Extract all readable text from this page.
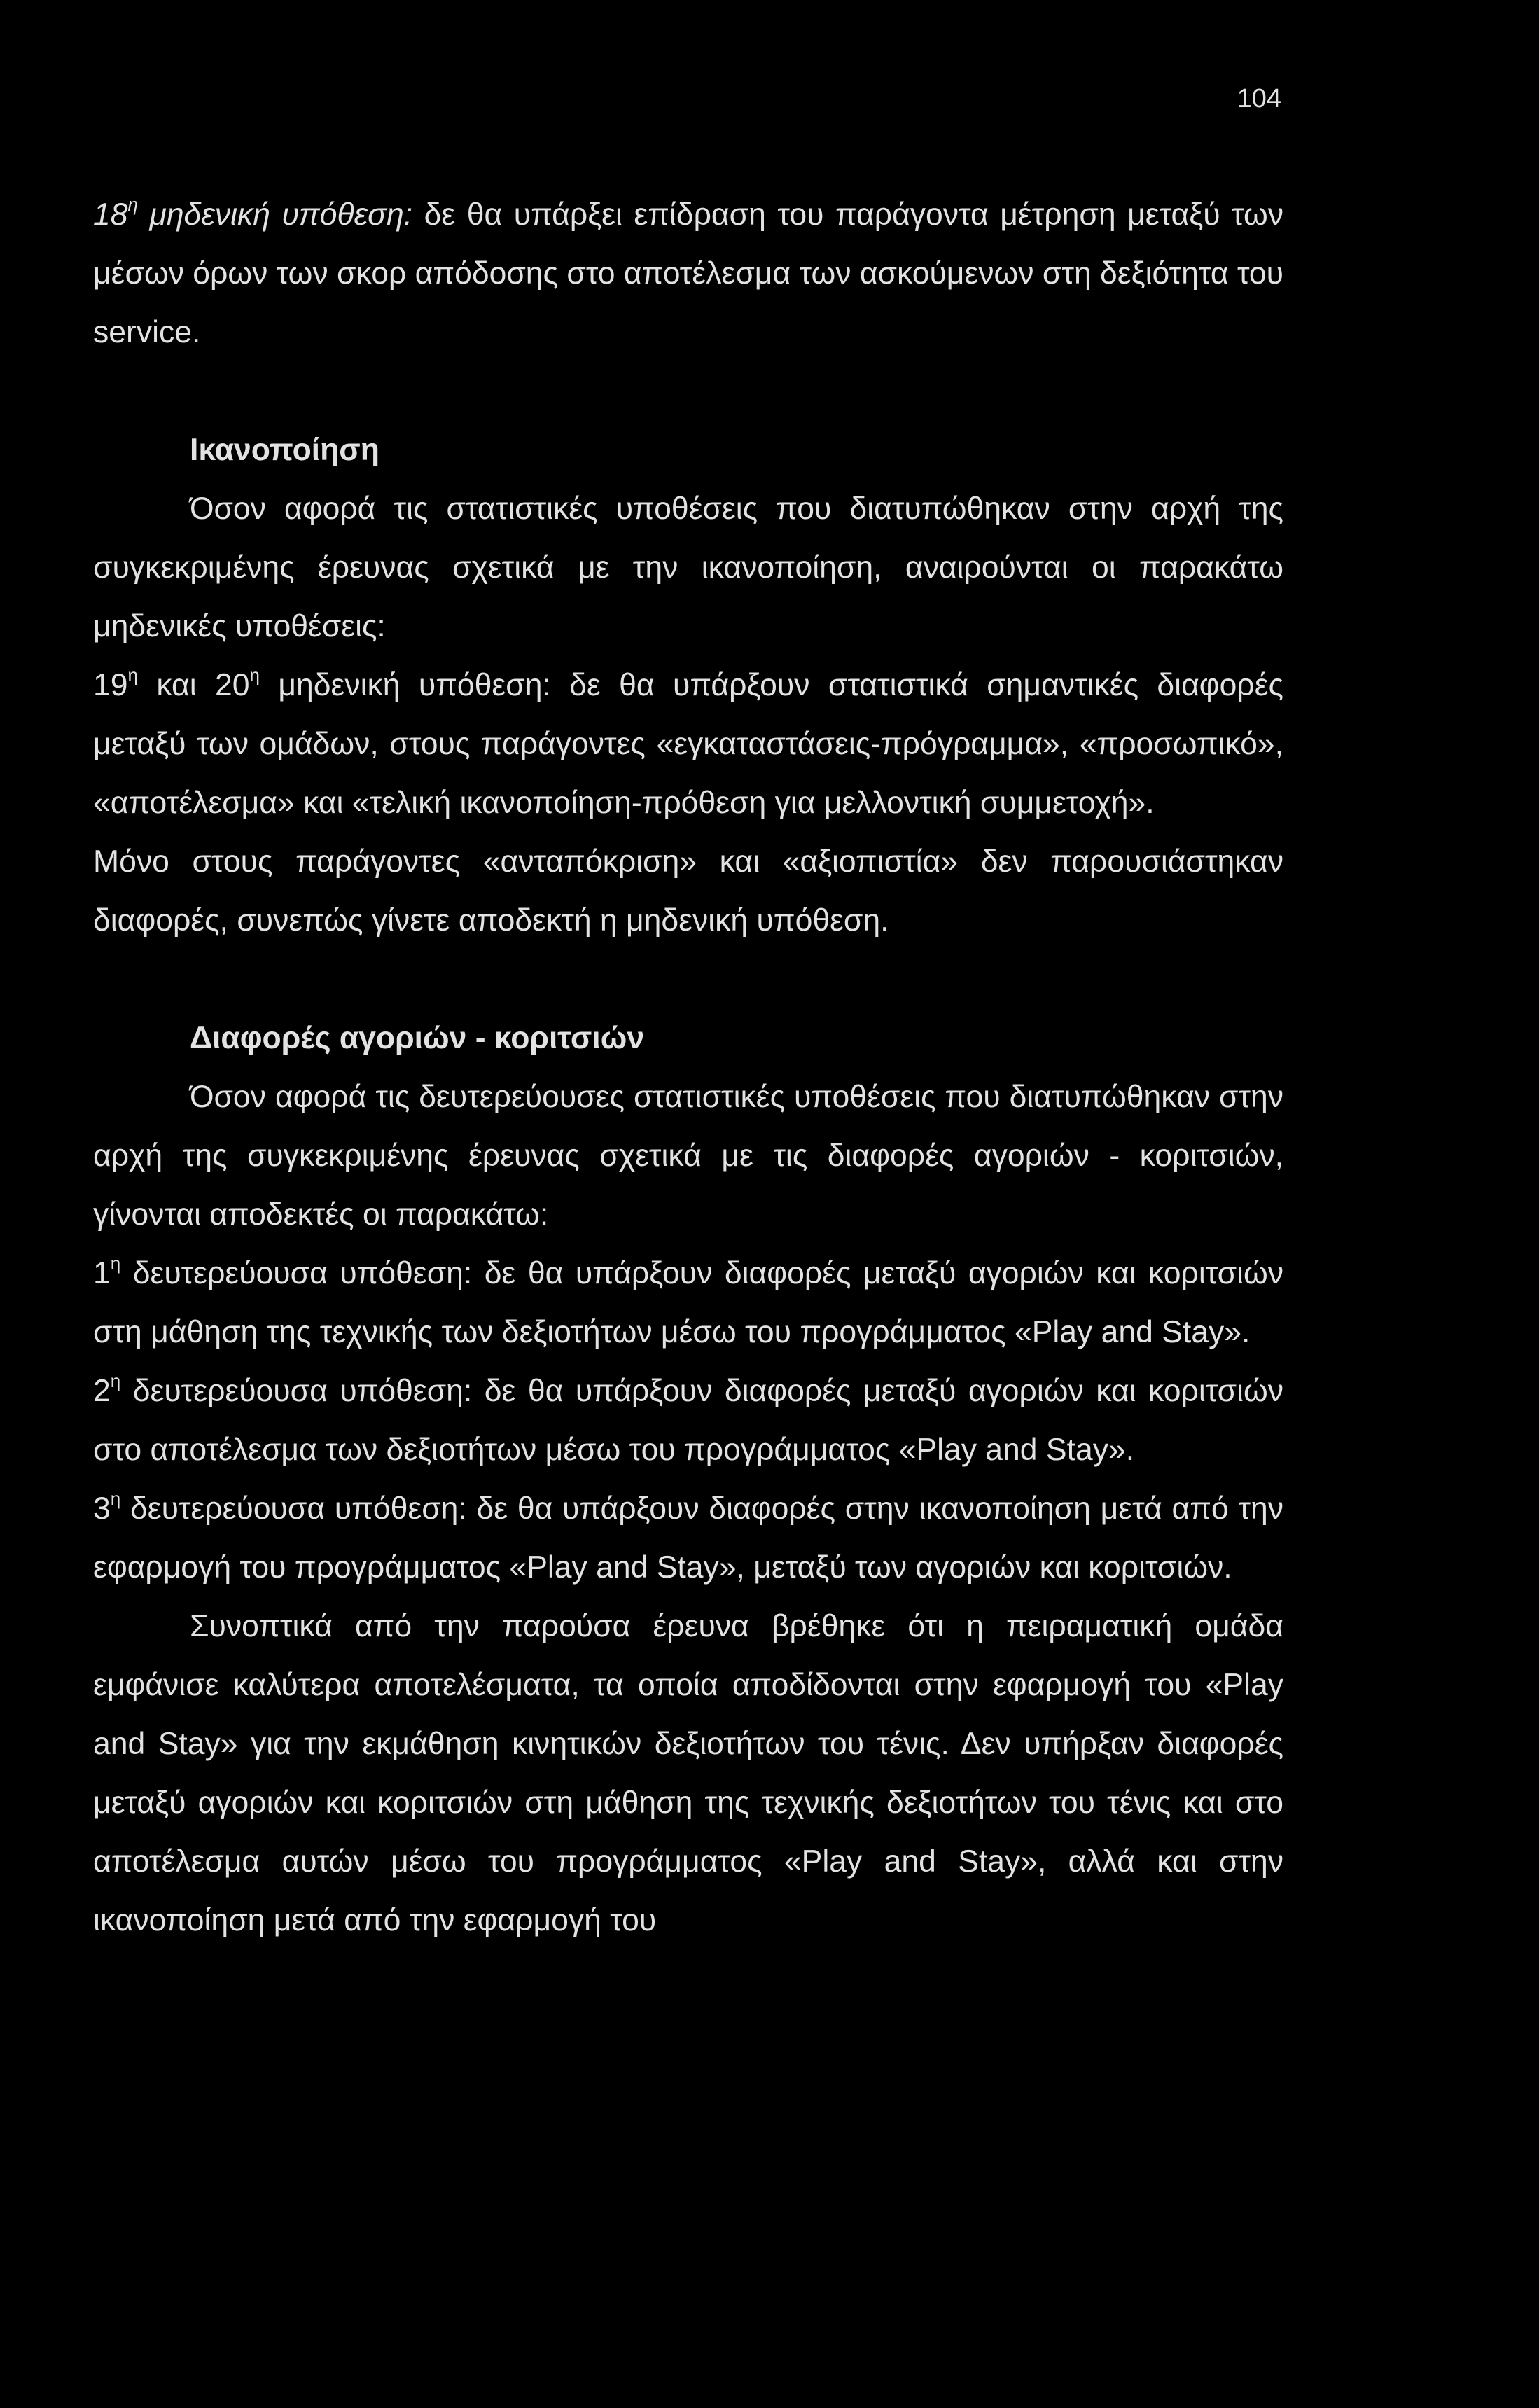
104

$18^\eta$ μηδενική υπόθεση: δε θα υπάρξει επίδραση του παράγοντα μέτρηση μεταξύ των μέσων όρων των σκορ απόδοσης στο αποτέλεσμα των ασκούμενων στη δεξιότητα του service.

Ικανοποίηση

Όσον αφορά τις στατιστικές υποθέσεις που διατυπώθηκαν στην αρχή της συγκεκριμένης έρευνας σχετικά με την ικανοποίηση, αναιρούνται οι παρακάτω μηδενικές υποθέσεις:

$19^\eta$ και $20^\eta$ μηδενική υπόθεση: δε θα υπάρξουν στατιστικά σημαντικές διαφορές μεταξύ των ομάδων, στους παράγοντες «εγκαταστάσεις-πρόγραμμα», «προσωπικό», «αποτέλεσμα» και «τελική ικανοποίηση-πρόθεση για μελλοντική συμμετοχή».

Μόνο στους παράγοντες «ανταπόκριση» και «αξιοπιστία» δεν παρουσιάστηκαν διαφορές, συνεπώς γίνετε αποδεκτή η μηδενική υπόθεση.

Διαφορές αγοριών - κοριτσιών

Όσον αφορά τις δευτερεύουσες στατιστικές υποθέσεις που διατυπώθηκαν στην αρχή της συγκεκριμένης έρευνας σχετικά με τις διαφορές αγοριών - κοριτσιών, γίνονται αποδεκτές οι παρακάτω:

$1^\eta$ δευτερεύουσα υπόθεση: δε θα υπάρξουν διαφορές μεταξύ αγοριών και κοριτσιών στη μάθηση της τεχνικής των δεξιοτήτων μέσω του προγράμματος «Play and Stay».

$2^\eta$ δευτερεύουσα υπόθεση: δε θα υπάρξουν διαφορές μεταξύ αγοριών και κοριτσιών στο αποτέλεσμα των δεξιοτήτων μέσω του προγράμματος «Play and Stay».

$3^\eta$ δευτερεύουσα υπόθεση: δε θα υπάρξουν διαφορές στην ικανοποίηση μετά από την εφαρμογή του προγράμματος «Play and Stay», μεταξύ των αγοριών και κοριτσιών.

Συνοπτικά από την παρούσα έρευνα βρέθηκε ότι η πειραματική ομάδα εμφάνισε καλύτερα αποτελέσματα, τα οποία αποδίδονται στην εφαρμογή του «Play and Stay» για την εκμάθηση κινητικών δεξιοτήτων του τένις. Δεν υπήρξαν διαφορές μεταξύ αγοριών και κοριτσιών στη μάθηση της τεχνικής δεξιοτήτων του τένις και στο αποτέλεσμα αυτών μέσω του προγράμματος «Play and Stay», αλλά και στην ικανοποίηση μετά από την εφαρμογή του
